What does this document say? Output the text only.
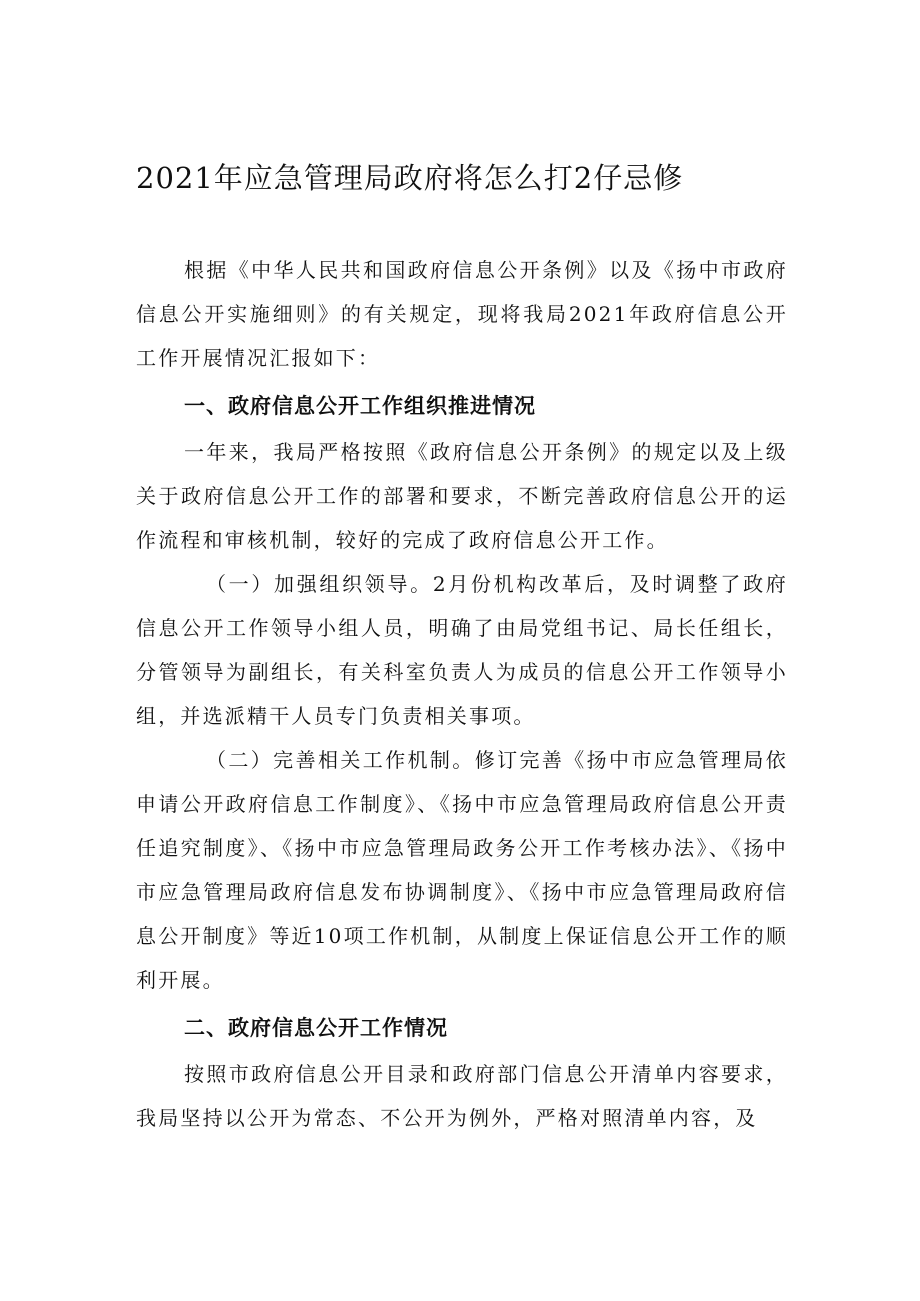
2021年应急管理局政府将怎么打2仔忌修

根据《中华人民共和国政府信息公开条例》以及《扬中市政府信息公开实施细则》的有关规定，现将我局2021年政府信息公开工作开展情况汇报如下：

一、政府信息公开工作组织推进情况

一年来，我局严格按照《政府信息公开条例》的规定以及上级关于政府信息公开工作的部署和要求，不断完善政府信息公开的运作流程和审核机制，较好的完成了政府信息公开工作。

（一）加强组织领导。2月份机构改革后，及时调整了政府信息公开工作领导小组人员，明确了由局党组书记、局长任组长，分管领导为副组长，有关科室负责人为成员的信息公开工作领导小组，并选派精干人员专门负责相关事项。

（二）完善相关工作机制。修订完善《扬中市应急管理局依申请公开政府信息工作制度》、《扬中市应急管理局政府信息公开责任追究制度》、《扬中市应急管理局政务公开工作考核办法》、《扬中市应急管理局政府信息发布协调制度》、《扬中市应急管理局政府信息公开制度》等近10项工作机制，从制度上保证信息公开工作的顺利开展。

二、政府信息公开工作情况

按照市政府信息公开目录和政府部门信息公开清单内容要求，我局坚持以公开为常态、不公开为例外，严格对照清单内容，及
